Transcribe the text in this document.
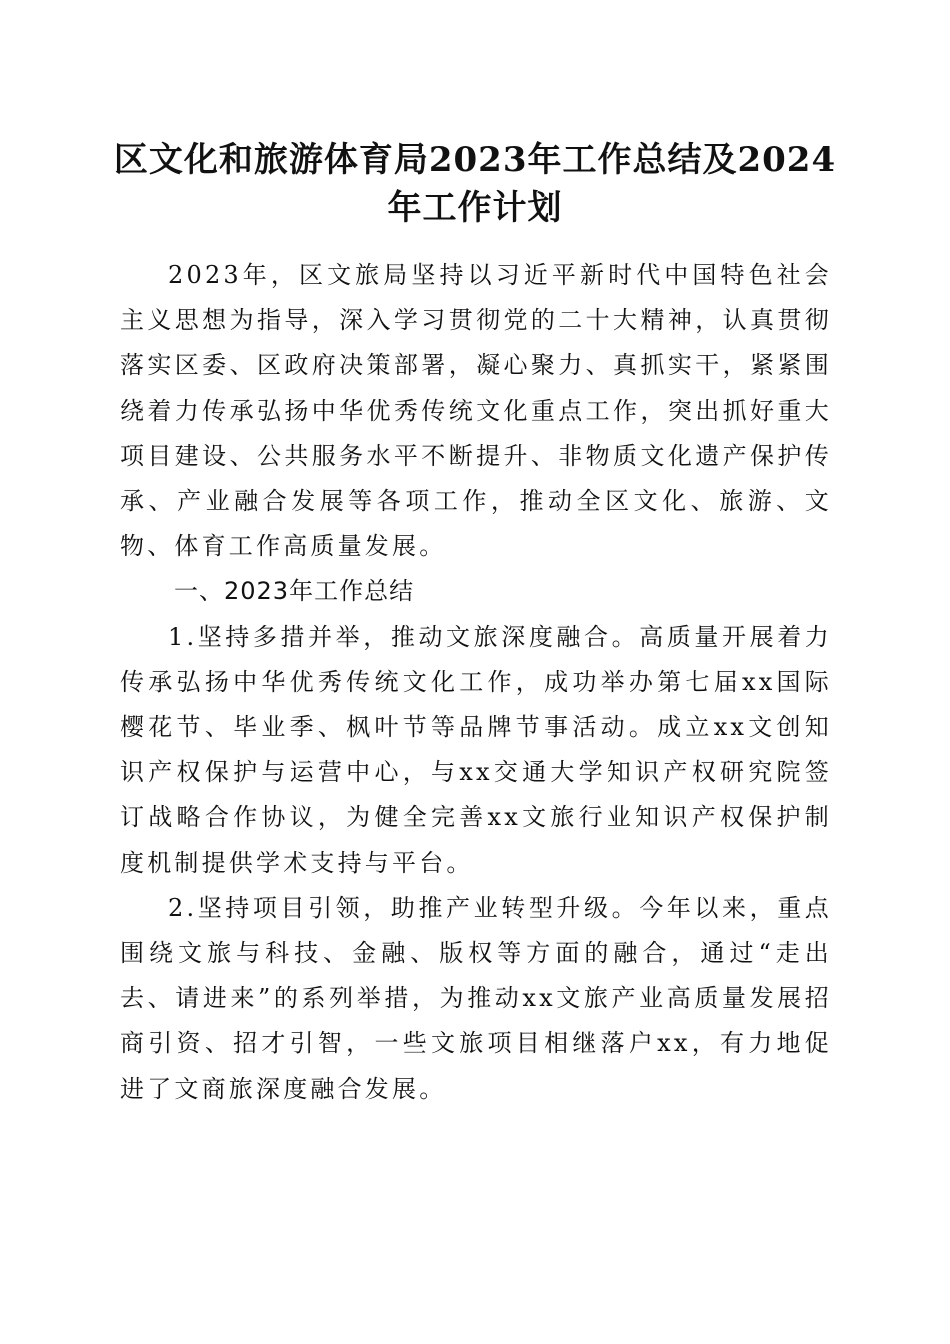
区文化和旅游体育局2023年工作总结及2024
年工作计划

2023年，区文旅局坚持以习近平新时代中国特色社会主义思想为指导，深入学习贯彻党的二十大精神，认真贯彻落实区委、区政府决策部署，凝心聚力、真抓实干，紧紧围绕着力传承弘扬中华优秀传统文化重点工作，突出抓好重大项目建设、公共服务水平不断提升、非物质文化遗产保护传承、产业融合发展等各项工作，推动全区文化、旅游、文物、体育工作高质量发展。

一、2023年工作总结

1.坚持多措并举，推动文旅深度融合。高质量开展着力传承弘扬中华优秀传统文化工作，成功举办第七届xx国际樱花节、毕业季、枫叶节等品牌节事活动。成立xx文创知识产权保护与运营中心，与xx交通大学知识产权研究院签订战略合作协议，为健全完善xx文旅行业知识产权保护制度机制提供学术支持与平台。

2.坚持项目引领，助推产业转型升级。今年以来，重点围绕文旅与科技、金融、版权等方面的融合，通过“走出去、请进来”的系列举措，为推动xx文旅产业高质量发展招商引资、招才引智，一些文旅项目相继落户xx，有力地促进了文商旅深度融合发展。
